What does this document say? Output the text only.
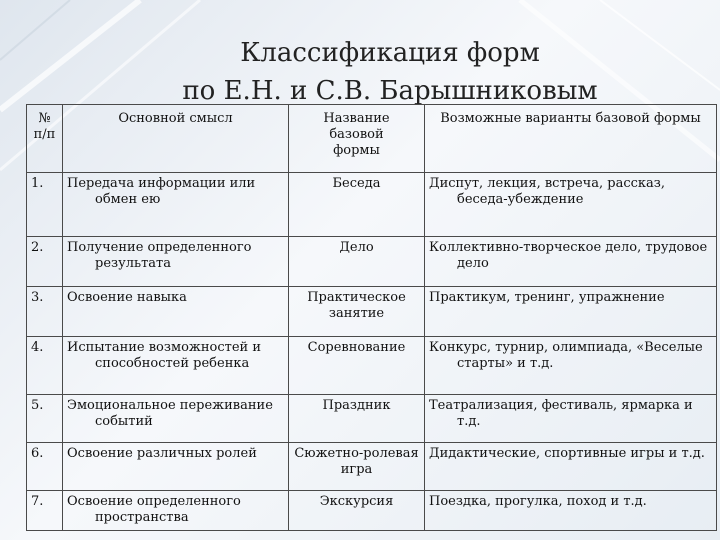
Классификация форм
по Е.Н. и С.В. Барышниковым
№ п/п	Основной смысл	Название базовой формы	Возможные варианты базовой формы
1.	Передача информации или обмен ею	Беседа	Диспут, лекция, встреча, рассказ, беседа-убеждение

2.	Получение определенного результата	Дело	Коллективно-творческое дело, трудовое дело

3.	Освоение навыка	Практическое занятие	Практикум, тренинг, упражнение

4.	Испытание возможностей и способностей ребенка	Соревнование	Конкурс, турнир, олимпиада, «Веселые старты» и т.д.

5.	Эмоциональное переживание событий	Праздник	Театрализация, фестиваль, ярмарка и т.д.

6.	Освоение различных ролей	Сюжетно-ролевая игра	Дидактические, спортивные игры и т.д.

7.	Освоение определенного пространства	Экскурсия	Поездка, прогулка, поход и т.д.
